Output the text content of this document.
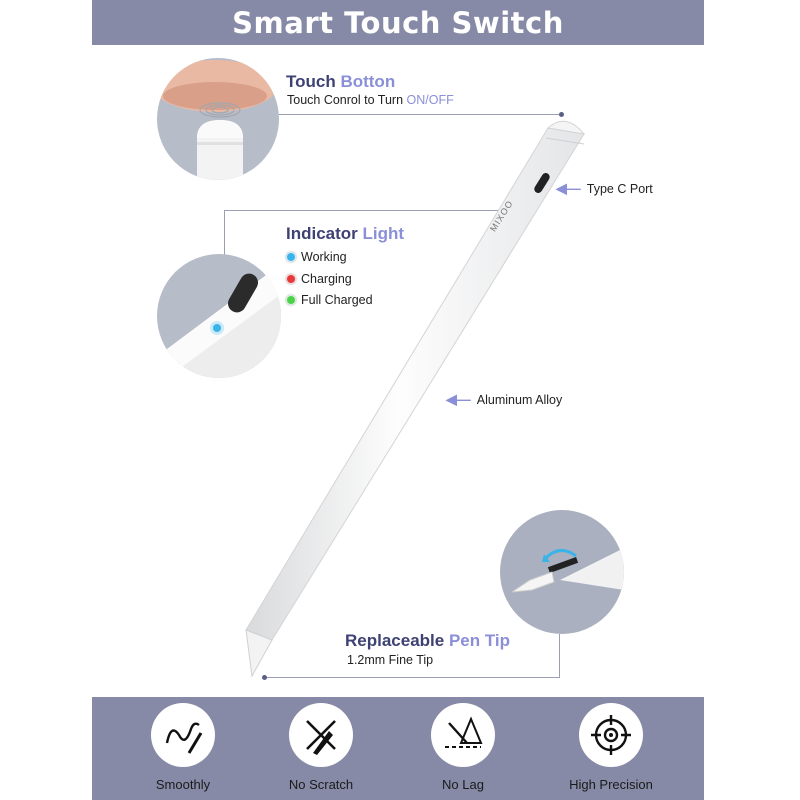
Smart Touch Switch
Touch Botton
Touch Conrol to Turn ON/OFF
Indicator Light
Working
Charging
Full Charged
MIXOO
◀— Type C Port
◀— Aluminum Alloy
Replaceable Pen Tip
1.2mm Fine Tip
Smoothly	No Scratch	No Lag	High Precision
